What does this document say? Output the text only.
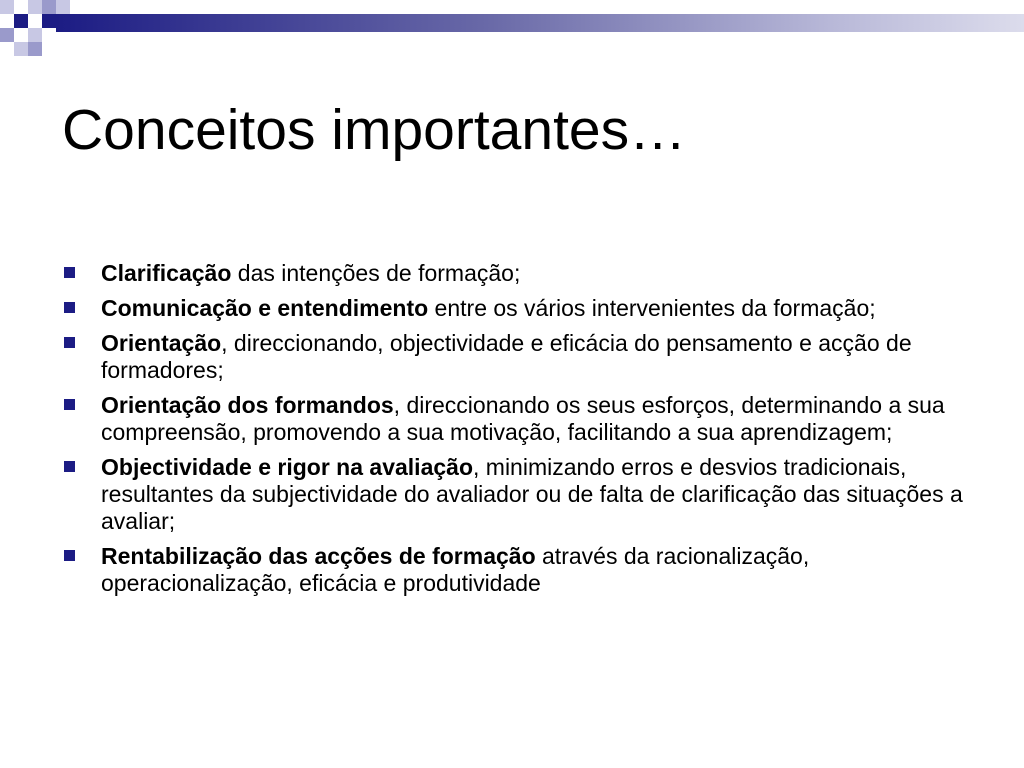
Conceitos importantes…
Clarificação das intenções de formação;
Comunicação e entendimento entre os vários intervenientes da formação;
Orientação, direccionando, objectividade e eficácia do pensamento e acção de formadores;
Orientação dos formandos, direccionando os seus esforços, determinando a sua compreensão, promovendo a sua motivação, facilitando a sua aprendizagem;
Objectividade e rigor na avaliação, minimizando erros e desvios tradicionais, resultantes da subjectividade do avaliador ou de falta de clarificação das situações a avaliar;
Rentabilização das acções de formação através da racionalização, operacionalização, eficácia e produtividade
